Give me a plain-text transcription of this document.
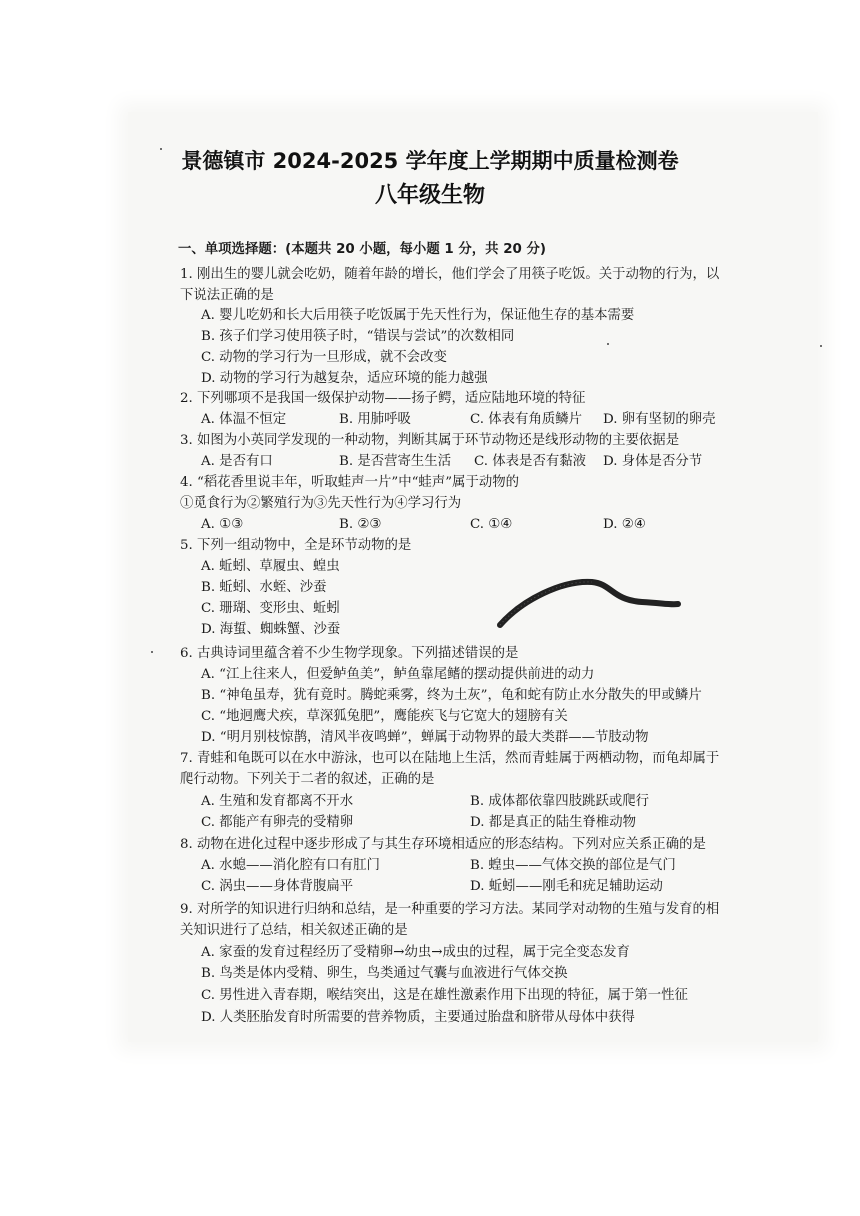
景德镇市 2024-2025 学年度上学期期中质量检测卷
八年级生物
一、单项选择题：(本题共 20 小题，每小题 1 分，共 20 分)
1. 刚出生的婴儿就会吃奶，随着年龄的增长，他们学会了用筷子吃饭。关于动物的行为，以
下说法正确的是
A. 婴儿吃奶和长大后用筷子吃饭属于先天性行为，保证他生存的基本需要
B. 孩子们学习使用筷子时，“错误与尝试”的次数相同
C. 动物的学习行为一旦形成，就不会改变
D. 动物的学习行为越复杂，适应环境的能力越强
2. 下列哪项不是我国一级保护动物——扬子鳄，适应陆地环境的特征
A. 体温不恒定	B. 用肺呼吸	C. 体表有角质鳞片 D. 卵有坚韧的卵壳
3. 如图为小英同学发现的一种动物，判断其属于环节动物还是线形动物的主要依据是
A. 是否有口	B. 是否营寄生生活 C. 体表是否有黏液 D. 身体是否分节
4. “稻花香里说丰年，听取蛙声一片”中“蛙声”属于动物的
①觅食行为②繁殖行为③先天性行为④学习行为
A. ①③	B. ②③	C. ①④	D. ②④
5. 下列一组动物中，全是环节动物的是
A. 蚯蚓、草履虫、蝗虫
B. 蚯蚓、水蛭、沙蚕
C. 珊瑚、变形虫、蚯蚓
D. 海蜇、蜘蛛蟹、沙蚕
6. 古典诗词里蕴含着不少生物学现象。下列描述错误的是
A. “江上往来人，但爱鲈鱼美”，鲈鱼靠尾鳍的摆动提供前进的动力
B. “神龟虽寿，犹有竟时。腾蛇乘雾，终为土灰”，龟和蛇有防止水分散失的甲或鳞片
C. “地迥鹰犬疾，草深狐兔肥”，鹰能疾飞与它宽大的翅膀有关
D. “明月别枝惊鹊，清风半夜鸣蝉”，蝉属于动物界的最大类群——节肢动物
7. 青蛙和龟既可以在水中游泳，也可以在陆地上生活，然而青蛙属于两栖动物，而龟却属于
爬行动物。下列关于二者的叙述，正确的是
A. 生殖和发育都离不开水	B. 成体都依靠四肢跳跃或爬行
C. 都能产有卵壳的受精卵	D. 都是真正的陆生脊椎动物
8. 动物在进化过程中逐步形成了与其生存环境相适应的形态结构。下列对应关系正确的是
A. 水螅——消化腔有口有肛门	B. 蝗虫——气体交换的部位是气门
C. 涡虫——身体背腹扁平	D. 蚯蚓——刚毛和疣足辅助运动
9. 对所学的知识进行归纳和总结，是一种重要的学习方法。某同学对动物的生殖与发育的相
关知识进行了总结，相关叙述正确的是
A. 家蚕的发育过程经历了受精卵→幼虫→成虫的过程，属于完全变态发育
B. 鸟类是体内受精、卵生，鸟类通过气囊与血液进行气体交换
C. 男性进入青春期，喉结突出，这是在雄性激素作用下出现的特征，属于第一性征
D. 人类胚胎发育时所需要的营养物质，主要通过胎盘和脐带从母体中获得
